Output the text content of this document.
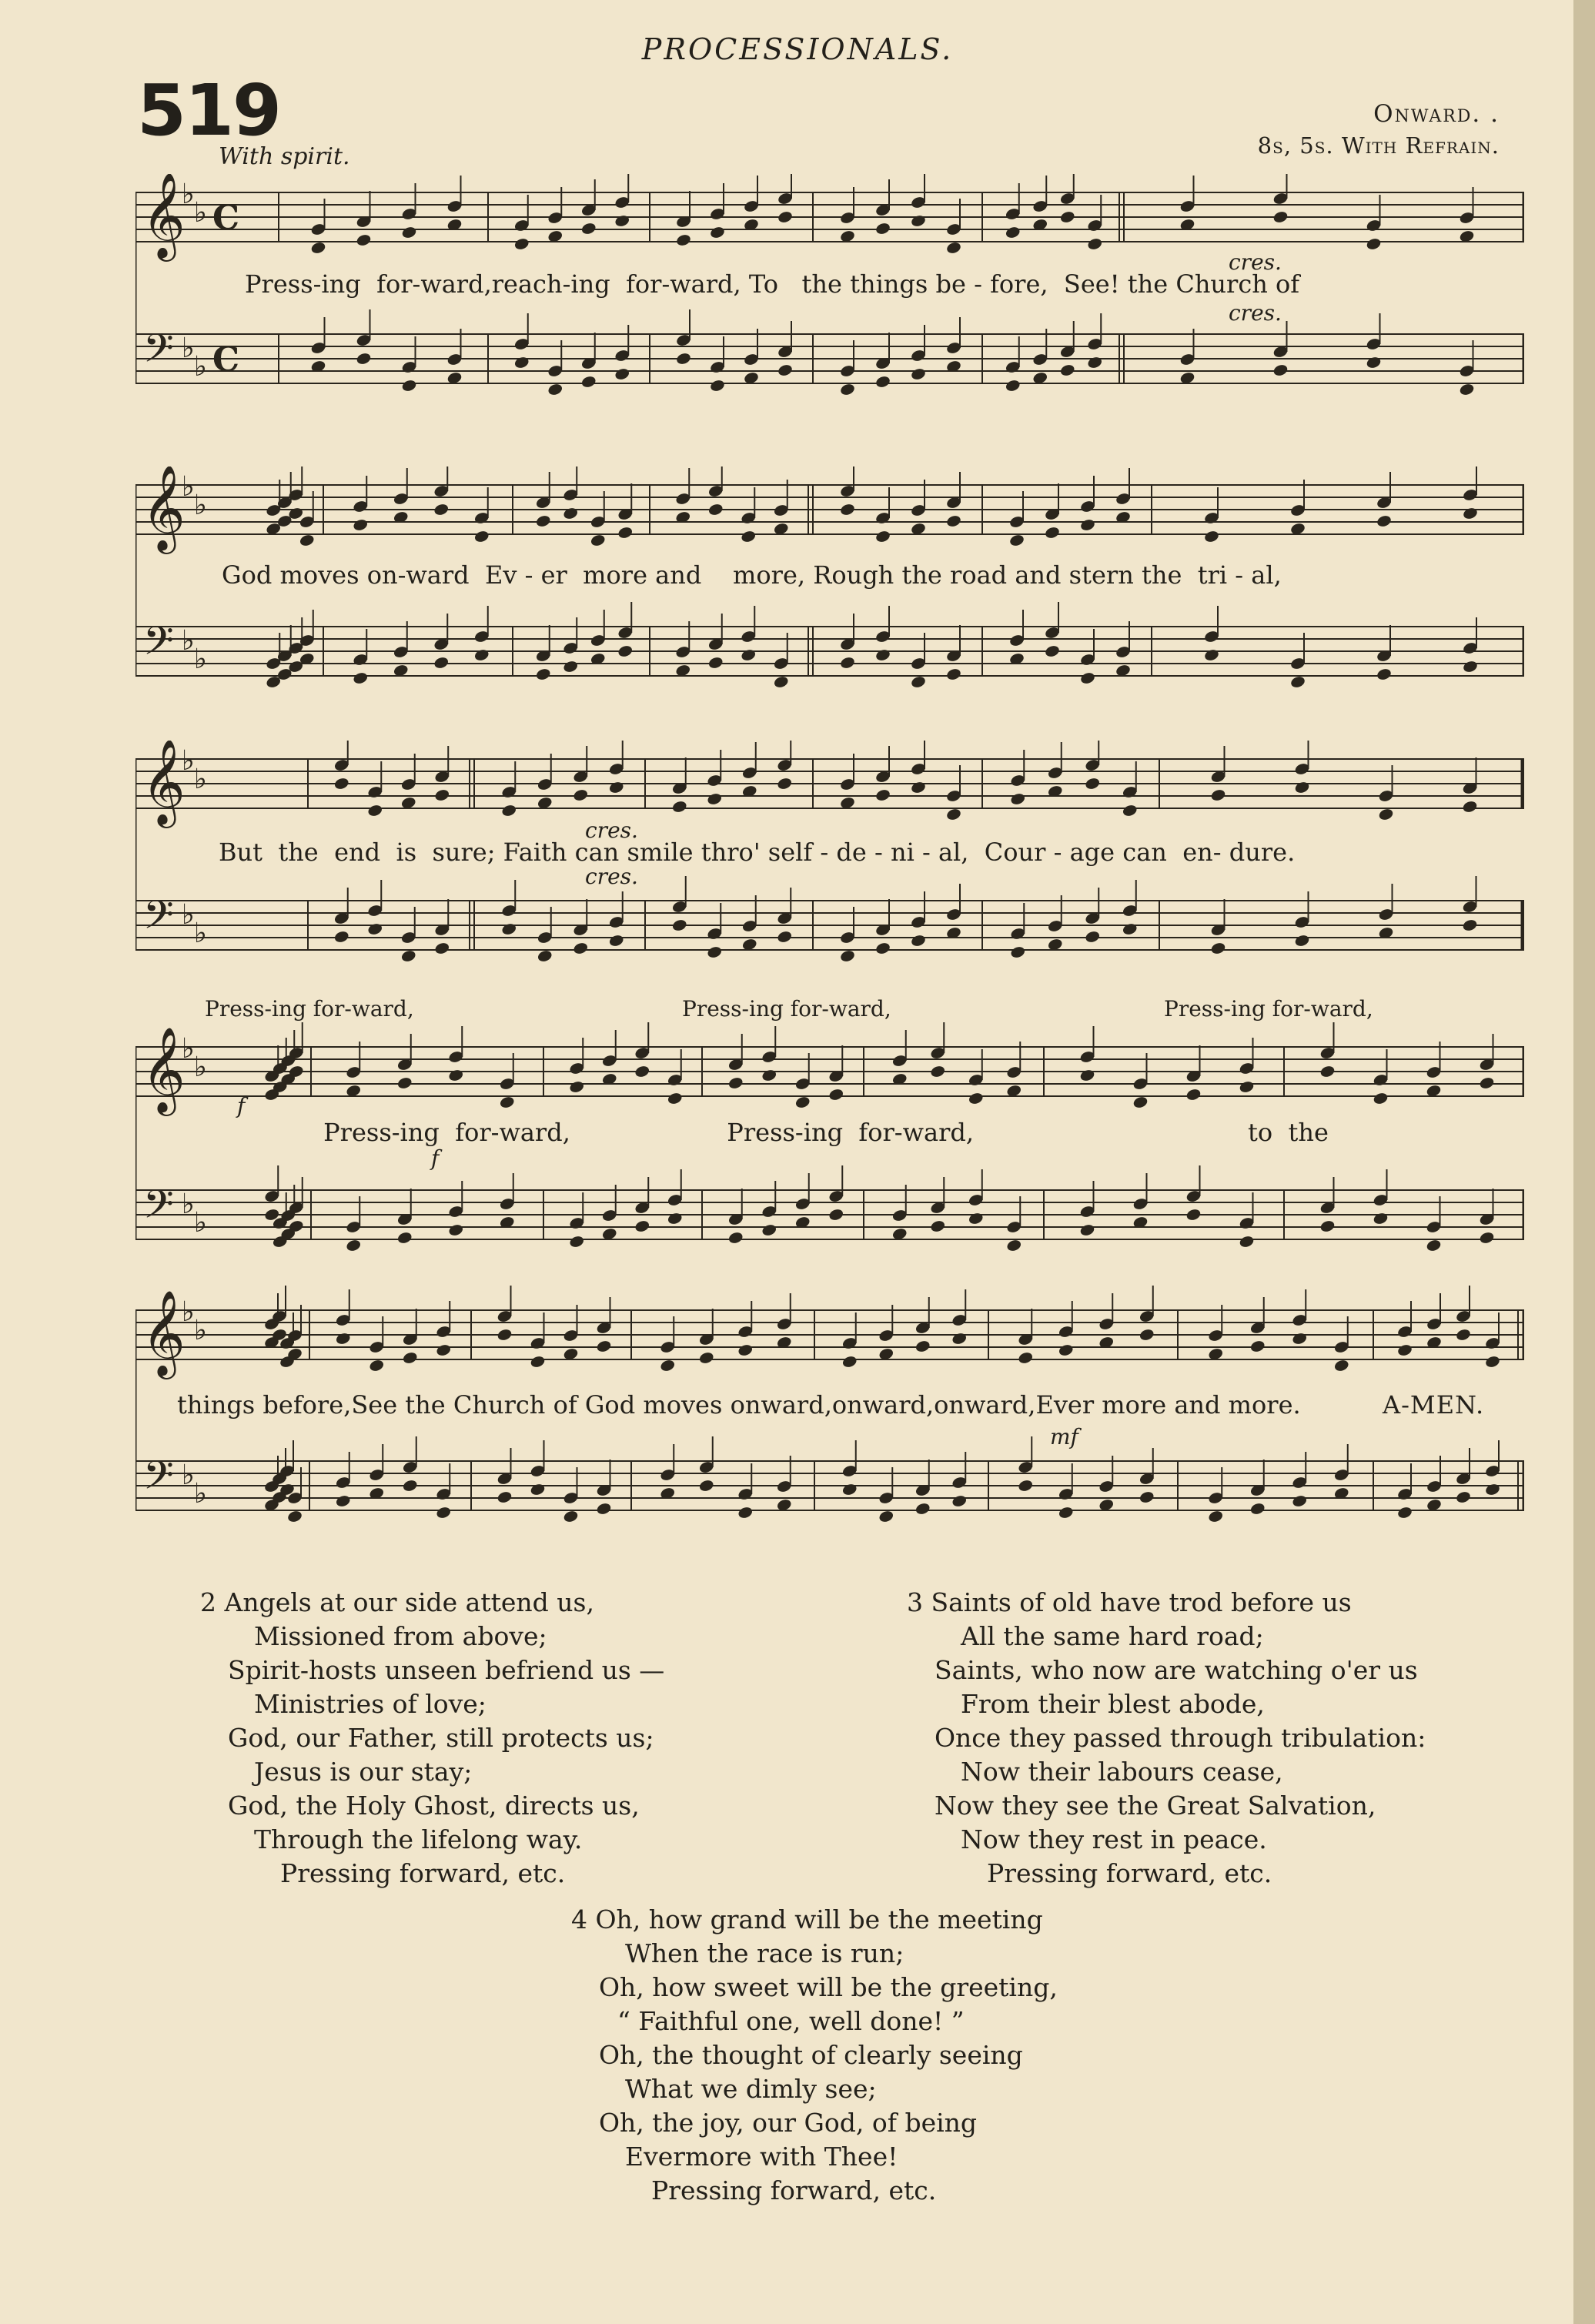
PROCESSIONALS.
519
With spirit.
Onward. .
8s, 5s. With Refrain.
𝄞
♭
♭ C
𝄢 ♭
♭ C
cres.
Press-ing  for-ward,reach-ing  for-ward, To   the things be - fore,  See! the Church of
cres.
𝄞
♭
♭
𝄢 ♭
♭
God moves on-ward  Ev - er  more and    more, Rough the road and stern the  tri - al,
𝄞
♭
♭
𝄢 ♭
♭
cres.
But  the  end  is  sure; Faith can smile thro' self - de - ni - al,  Cour - age can  en- dure.
cres.
Press-ing for-ward,	Press-ing for-ward,	Press-ing for-ward,
𝄞
♭
♭
𝄢 ♭
♭
f
Press-ing  for-ward,                    Press-ing  for-ward,                                   to  the
f
𝄞
♭
♭
𝄢 ♭
♭
things before,See the Church of God moves onward,onward,onward,Ever more and more.	A-MEN.
mf
2 Angels at our side attend us,
Missioned from above;
Spirit-hosts unseen befriend us —
Ministries of love;
God, our Father, still protects us;
Jesus is our stay;
God, the Holy Ghost, directs us,
Through the lifelong way.
Pressing forward, etc.
3 Saints of old have trod before us
All the same hard road;
Saints, who now are watching o'er us
From their blest abode,
Once they passed through tribulation:
Now their labours cease,
Now they see the Great Salvation,
Now they rest in peace.
Pressing forward, etc.
4 Oh, how grand will be the meeting
When the race is run;
Oh, how sweet will be the greeting,
“ Faithful one, well done! ”
Oh, the thought of clearly seeing
What we dimly see;
Oh, the joy, our God, of being
Evermore with Thee!
Pressing forward, etc.
